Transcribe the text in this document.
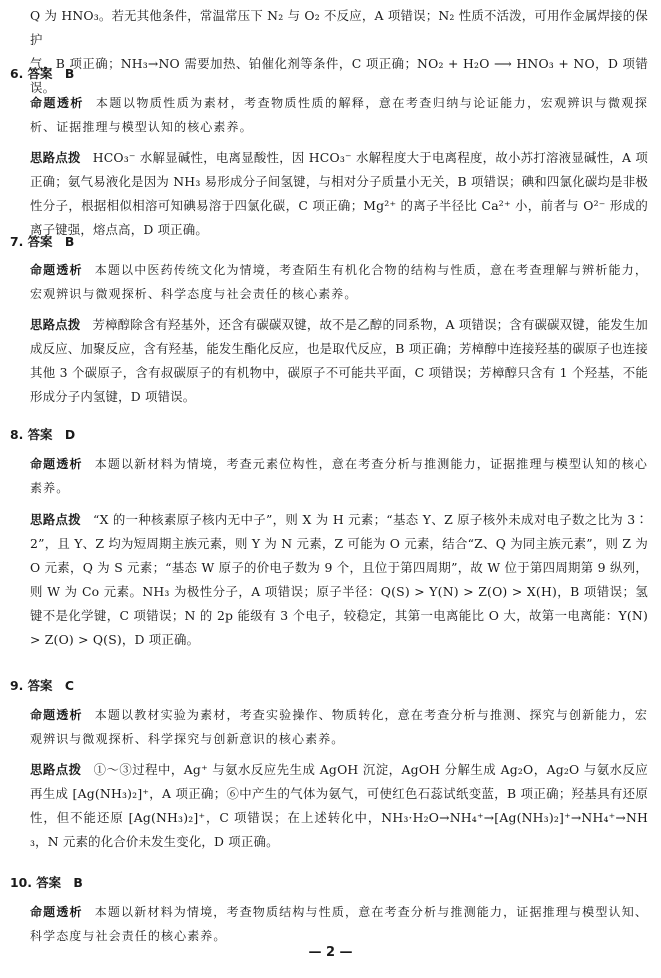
Q 为 HNO₃。若无其他条件，常温常压下 N₂ 与 O₂ 不反应，A 项错误；N₂ 性质不活泼，可用作金属焊接的保护
气，B 项正确；NH₃→NO 需要加热、铂催化剂等条件，C 项正确；NO₂ + H₂O ⟶ HNO₃ + NO，D 项错误。
6. 答案　B
命题透析 本题以物质性质为素材，考查物质性质的解释，意在考查归纳与论证能力，宏观辨识与微观探析、证据推理与模型认知的核心素养。
思路点拨 HCO₃⁻ 水解显碱性，电离显酸性，因 HCO₃⁻ 水解程度大于电离程度，故小苏打溶液显碱性，A 项正确；氨气易液化是因为 NH₃ 易形成分子间氢键，与相对分子质量小无关，B 项错误；碘和四氯化碳均是非极性分子，根据相似相溶可知碘易溶于四氯化碳，C 项正确；Mg²⁺ 的离子半径比 Ca²⁺ 小，前者与 O²⁻ 形成的离子键强，熔点高，D 项正确。
7. 答案　B
命题透析 本题以中医药传统文化为情境，考查陌生有机化合物的结构与性质，意在考查理解与辨析能力，宏观辨识与微观探析、科学态度与社会责任的核心素养。
思路点拨 芳樟醇除含有羟基外，还含有碳碳双键，故不是乙醇的同系物，A 项错误；含有碳碳双键，能发生加成反应、加聚反应，含有羟基，能发生酯化反应，也是取代反应，B 项正确；芳樟醇中连接羟基的碳原子也连接其他 3 个碳原子，含有叔碳原子的有机物中，碳原子不可能共平面，C 项错误；芳樟醇只含有 1 个羟基，不能形成分子内氢键，D 项错误。
8. 答案　D
命题透析 本题以新材料为情境，考查元素位构性，意在考查分析与推测能力，证据推理与模型认知的核心素养。
思路点拨 “X 的一种核素原子核内无中子”，则 X 为 H 元素；“基态 Y、Z 原子核外未成对电子数之比为 3∶2”，且 Y、Z 均为短周期主族元素，则 Y 为 N 元素，Z 可能为 O 元素，结合“Z、Q 为同主族元素”，则 Z 为 O 元素，Q 为 S 元素；“基态 W 原子的价电子数为 9 个，且位于第四周期”，故 W 位于第四周期第 9 纵列，则 W 为 Co 元素。NH₃ 为极性分子，A 项错误；原子半径：Q(S) > Y(N) > Z(O) > X(H)，B 项错误；氢键不是化学键，C 项错误；N 的 2p 能级有 3 个电子，较稳定，其第一电离能比 O 大，故第一电离能：Y(N) > Z(O) > Q(S)，D 项正确。
9. 答案　C
命题透析 本题以教材实验为素材，考查实验操作、物质转化，意在考查分析与推测、探究与创新能力，宏观辨识与微观探析、科学探究与创新意识的核心素养。
思路点拨 ①～③过程中，Ag⁺ 与氨水反应先生成 AgOH 沉淀，AgOH 分解生成 Ag₂O，Ag₂O 与氨水反应再生成 [Ag(NH₃)₂]⁺，A 项正确；⑥中产生的气体为氨气，可使红色石蕊试纸变蓝，B 项正确；羟基具有还原性，但不能还原 [Ag(NH₃)₂]⁺，C 项错误；在上述转化中，NH₃·H₂O→NH₄⁺→[Ag(NH₃)₂]⁺→NH₄⁺→NH₃，N 元素的化合价未发生变化，D 项正确。
10. 答案　B
命题透析 本题以新材料为情境，考查物质结构与性质，意在考查分析与推测能力，证据推理与模型认知、科学态度与社会责任的核心素养。
— 2 —
